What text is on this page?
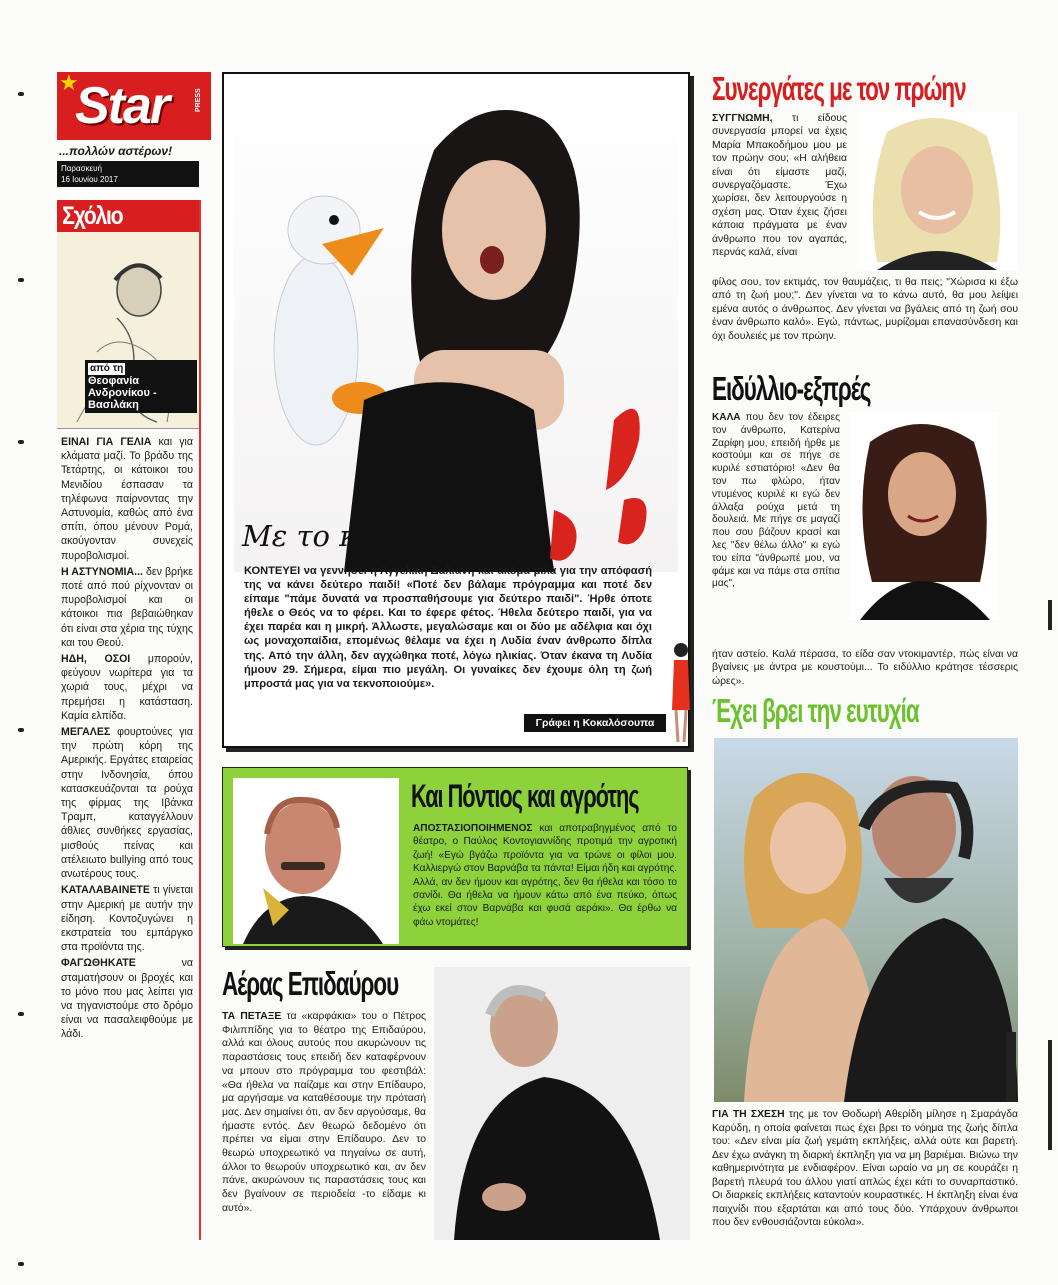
★
Star	PRESS
...πολλών αστέρων!
Παρασκευή
16 Ιουνίου 2017
Σχόλιο
από τη
Θεοφανία Ανδρονίκου - Βασιλάκη

ΕΙΝΑΙ ΓΙΑ ΓΕΛΙΑ και για κλάματα μαζί. Το βράδυ της Τετάρτης, οι κάτοικοι του Μενιδίου έσπασαν τα τηλέφωνα παίρνοντας την Αστυνομία, καθώς από ένα σπίτι, όπου μένουν Ρομά, ακούγονταν συνεχείς πυροβολισμοί.

Η ΑΣΤΥΝΟΜΙΑ... δεν βρήκε ποτέ από πού ρίχνονταν οι πυροβολισμοί και οι κάτοικοι πια βεβαιώθηκαν ότι είναι στα χέρια της τύχης και του Θεού.

ΗΔΗ, ΟΣΟΙ μπορούν, φεύγουν νωρίτερα για τα χωριά τους, μέχρι να πρεμήσει η κατάσταση. Καμία ελπίδα.

ΜΕΓΑΛΕΣ φουρτούνες για την πρώτη κόρη της Αμερικής. Εργάτες εταιρείας στην Ινδονησία, όπου κατασκευάζονται τα ρούχα της φίρμας της Ιβάνκα Τραμπ, καταγγέλλουν άθλιες συνθήκες εργασίας, μισθούς πείνας και ατέλειωτο bullying από τους ανωτέρους τους.

ΚΑΤΑΛΑΒΑΙΝΕΤΕ τι γίνεται στην Αμερική με αυτήν την είδηση. Κοντοζυγώνει η εκστρατεία του εμπάργκο στα προϊόντα της.

ΦΑΓΩΘΗΚΑΤΕ να σταματήσουν οι βροχές και το μόνο που μας λείπει για να τηγανιστούμε στο δρόμο είναι να πασαλειφθούμε με λάδι.

Με το καλό!
ΚΟΝΤΕΥΕΙ να γεννήσει η Αγγελική Δαλιάνη και ακόμα μιλά για την απόφασή της να κάνει δεύτερο παιδί! «Ποτέ δεν βάλαμε πρόγραμμα και ποτέ δεν είπαμε "πάμε δυνατά να προσπαθήσουμε για δεύτερο παιδί". Ήρθε όποτε ήθελε ο Θεός να το φέρει. Και το έφερε φέτος. Ήθελα δεύτερο παιδί, για να έχει παρέα και η μικρή. Άλλωστε, μεγαλώσαμε και οι δύο με αδέλφια και όχι ως μοναχοπαίδια, επομένως θέλαμε να έχει η Λυδία έναν άνθρωπο δίπλα της. Από την άλλη, δεν αγχώθηκα ποτέ, λόγω ηλικίας. Όταν έκανα τη Λυδία ήμουν 29. Σήμερα, είμαι πιο μεγάλη. Οι γυναίκες δεν έχουμε όλη τη ζωή μπροστά μας για να τεκνοποιούμε».
Γράφει η Κοκαλόσουπα
Και Πόντιος και αγρότης
ΑΠΟΣΤΑΣΙΟΠΟΙΗΜΕΝΟΣ και αποτραβηγμένος από το θέατρο, ο Παύλος Κοντογιαννίδης προτιμά την αγροτική ζωή! «Εγώ βγάζω προϊόντα για να τρώνε οι φίλοι μου. Καλλιεργώ στον Βαρνάβα τα πάντα! Είμαι ήδη και αγρότης. Αλλά, αν δεν ήμουν και αγρότης, δεν θα ήθελα και τόσο το σανίδι. Θα ήθελα να ήμουν κάτω από ένα πεύκο, όπως έχω εκεί στον Βαρνάβα και φυσά αεράκι». Θα έρθω να φάω ντομάτες!
Αέρας Επιδαύρου
ΤΑ ΠΕΤΑΞΕ τα «καρφάκια» του ο Πέτρος Φιλιππίδης για το θέατρο της Επιδαύρου, αλλά και όλους αυτούς που ακυρώνουν τις παραστάσεις τους επειδή δεν καταφέρνουν να μπουν στο πρόγραμμα του φεστιβάλ: «Θα ήθελα να παίζαμε και στην Επίδαυρο, μα αργήσαμε να καταθέσουμε την πρότασή μας. Δεν σημαίνει ότι, αν δεν αργούσαμε, θα ήμαστε εντός. Δεν θεωρώ δεδομένο ότι πρέπει να είμαι στην Επίδαυρο. Δεν το θεωρώ υποχρεωτικό να πηγαίνω σε αυτή, άλλοι το θεωρούν υποχρεωτικό και, αν δεν πάνε, ακυρώνουν τις παραστάσεις τους και δεν βγαίνουν σε περιοδεία -το είδαμε κι αυτό».
Συνεργάτες με τον πρώην
ΣΥΓΓΝΩΜΗ, τι είδους συνεργασία μπορεί να έχεις Μαρία Μπακοδήμου μου με τον πρώην σου; «Η αλήθεια είναι ότι είμαστε μαζί, συνεργαζόμαστε. Έχω χωρίσει, δεν λειτουργούσε η σχέση μας. Όταν έχεις ζήσει κάποια πράγματα με έναν άνθρωπο που τον αγαπάς, περνάς καλά, είναι
φίλος σου, τον εκτιμάς, τον θαυμάζεις, τι θα πεις; "Χώρισα κι έξω από τη ζωή μου;". Δεν γίνεται να το κάνω αυτό, θα μου λείψει εμένα αυτός ο άνθρωπος. Δεν γίνεται να βγάλεις από τη ζωή σου έναν άνθρωπο καλό». Εγώ, πάντως, μυρίζομαι επανασύνδεση και όχι δουλειές με τον πρώην.
Ειδύλλιο-εξπρές
ΚΑΛΑ που δεν τον έδειρες τον άνθρωπο, Κατερίνα Ζαρίφη μου, επειδή ήρθε με κοστούμι και σε πήγε σε κυριλέ εστιατόριο! «Δεν θα τον πω φλώρο, ήταν ντυμένος κυριλέ κι εγώ δεν άλλαξα ρούχα μετά τη δουλειά. Με πήγε σε μαγαζί που σου βάζουν κρασί και λες "δεν θέλω άλλο" κι εγώ του είπα "άνθρωπέ μου, να φάμε και να πάμε στα σπίτια μας",
ήταν αστείο. Καλά πέρασα, το είδα σαν ντοκιμαντέρ, πώς είναι να βγαίνεις με άντρα με κουστούμι... Το ειδύλλιο κράτησε τέσσερις ώρες».
Έχει βρει την ευτυχία
ΓΙΑ ΤΗ ΣΧΕΣΗ της με τον Θοδωρή Αθερίδη μίλησε η Σμαράγδα Καρύδη, η οποία φαίνεται πως έχει βρει το νόημα της ζωής δίπλα του: «Δεν είναι μία ζωή γεμάτη εκπλήξεις, αλλά ούτε και βαρετή. Δεν έχω ανάγκη τη διαρκή έκπληξη για να μη βαριέμαι. Βιώνω την καθημερινότητα με ενδιαφέρον. Είναι ωραίο να μη σε κουράζει η βαρετή πλευρά του άλλου γιατί απλώς έχει κάτι το συναρπαστικό. Οι διαρκείς εκπλήξεις καταντούν κουραστικές. Η έκπληξη είναι ένα παιχνίδι που εξαρτάται και από τους δύο. Υπάρχουν άνθρωποι που δεν ενθουσιάζονται εύκολα».
